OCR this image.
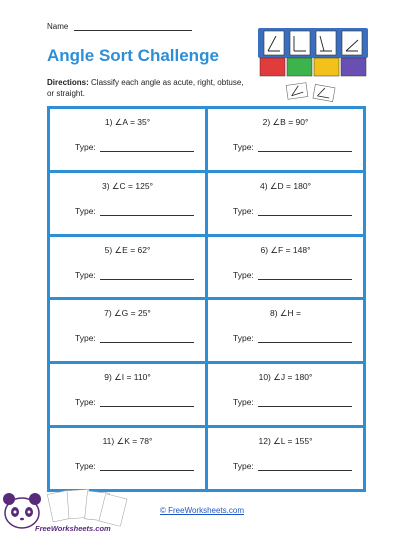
Name
Angle Sort Challenge
Directions: Classify each angle as acute, right, obtuse, or straight.
1) ∠A = 35°
Type:
2) ∠B = 90°
Type:
3) ∠C = 125°
Type:
4) ∠D = 180°
Type:
5) ∠E = 62°
Type:
6) ∠F = 148°
Type:
7) ∠G = 25°
Type:
8) ∠H =
Type:
9) ∠I = 110°
Type:
10) ∠J = 180°
Type:
11) ∠K = 78°
Type:
12) ∠L = 155°
Type:
FreeWorksheets.com
© FreeWorksheets.com
